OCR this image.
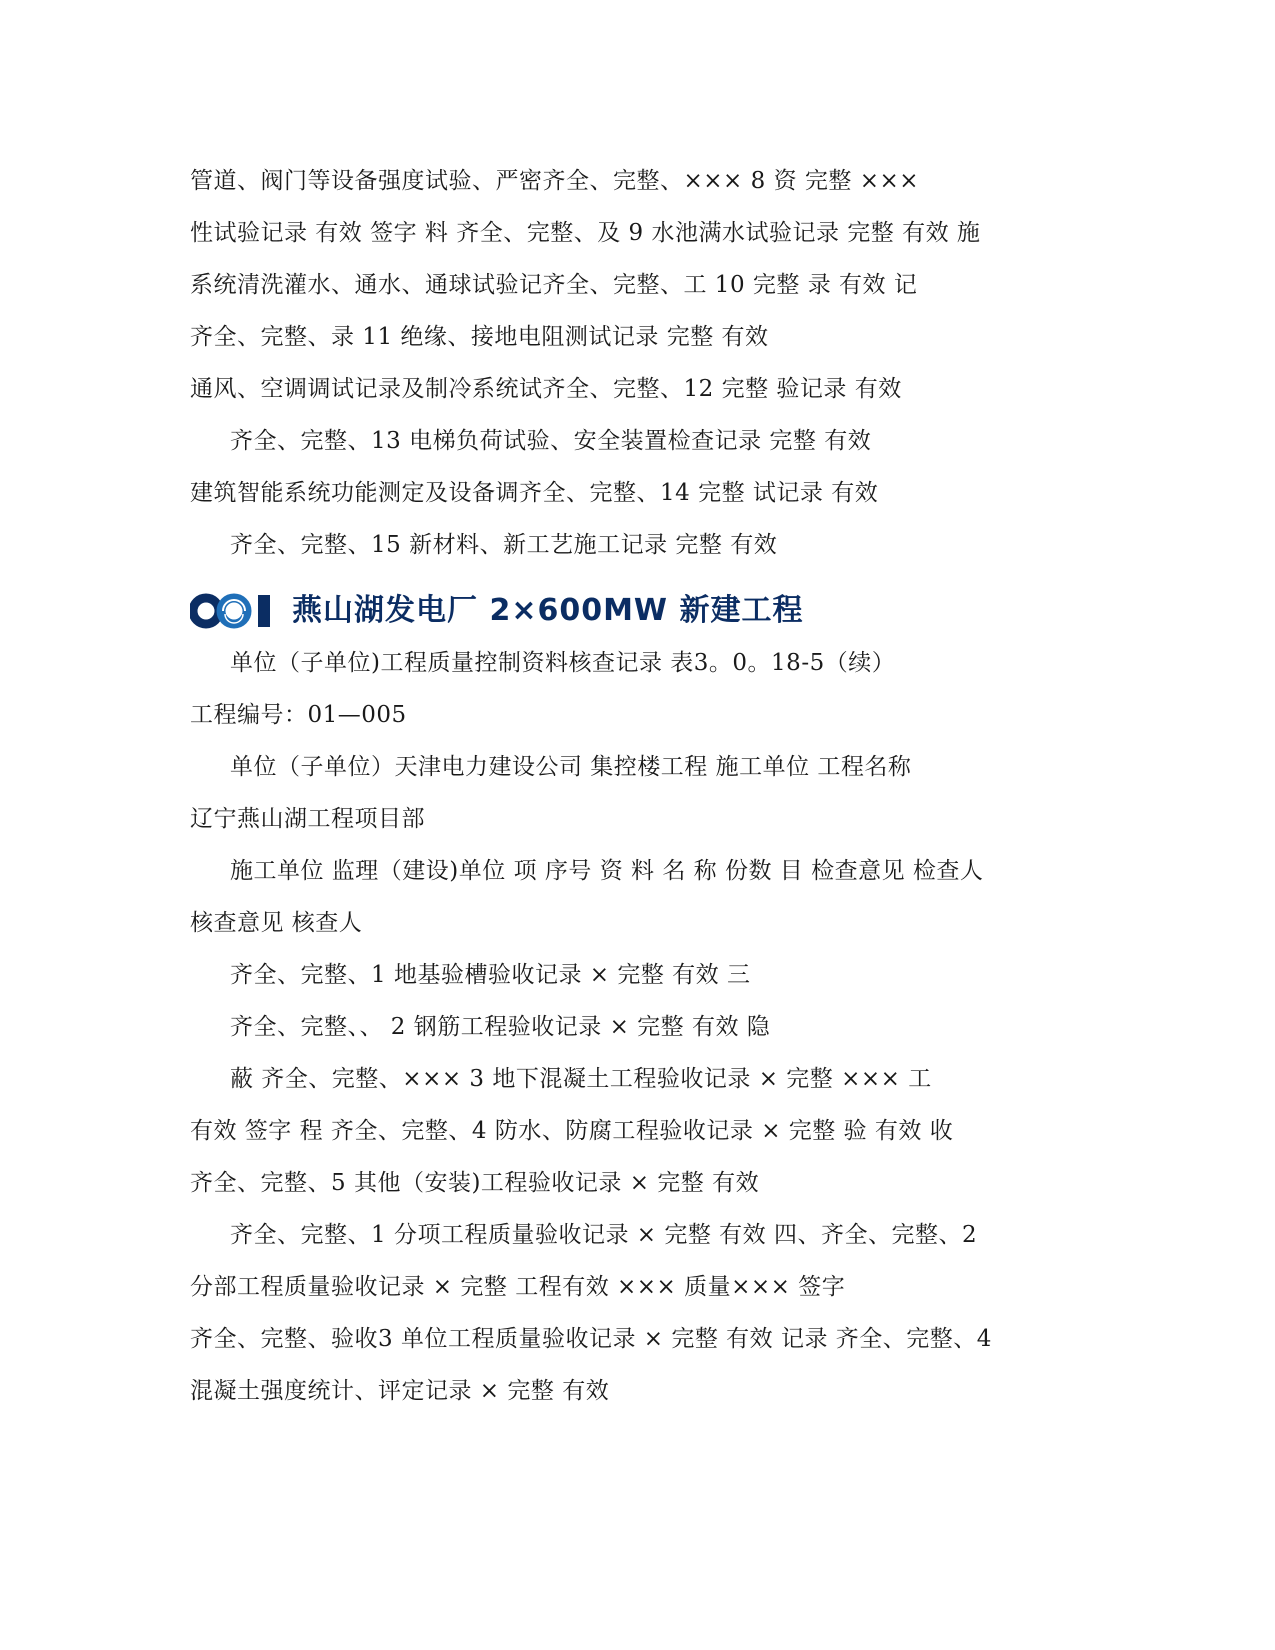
管道、阀门等设备强度试验、严密齐全、完整、××× 8 资 完整 ×××
性试验记录 有效 签字 料 齐全、完整、及 9 水池满水试验记录 完整 有效 施
系统清洗灌水、通水、通球试验记齐全、完整、工 10 完整 录 有效 记
齐全、完整、录 11 绝缘、接地电阻测试记录 完整 有效
通风、空调调试记录及制冷系统试齐全、完整、12 完整 验记录 有效
齐全、完整、13 电梯负荷试验、安全装置检查记录 完整 有效
建筑智能系统功能测定及设备调齐全、完整、14 完整 试记录 有效
齐全、完整、15 新材料、新工艺施工记录 完整 有效
燕山湖发电厂 2×600MW 新建工程
单位（子单位)工程质量控制资料核查记录 表3。0。18-5（续）
工程编号：01—005
单位（子单位）天津电力建设公司 集控楼工程 施工单位 工程名称
辽宁燕山湖工程项目部
施工单位 监理（建设)单位 项 序号 资 料 名 称 份数 目 检查意见 检查人
核查意见 核查人
齐全、完整、1 地基验槽验收记录 × 完整 有效 三
齐全、完整、、 2 钢筋工程验收记录 × 完整 有效 隐
蔽 齐全、完整、××× 3 地下混凝土工程验收记录 × 完整 ××× 工
有效 签字 程 齐全、完整、4 防水、防腐工程验收记录 × 完整 验 有效 收
齐全、完整、5 其他（安装)工程验收记录 × 完整 有效
齐全、完整、1 分项工程质量验收记录 × 完整 有效 四、齐全、完整、2
分部工程质量验收记录 × 完整 工程有效 ××× 质量××× 签字
齐全、完整、验收3 单位工程质量验收记录 × 完整 有效 记录 齐全、完整、4
混凝土强度统计、评定记录 × 完整 有效
